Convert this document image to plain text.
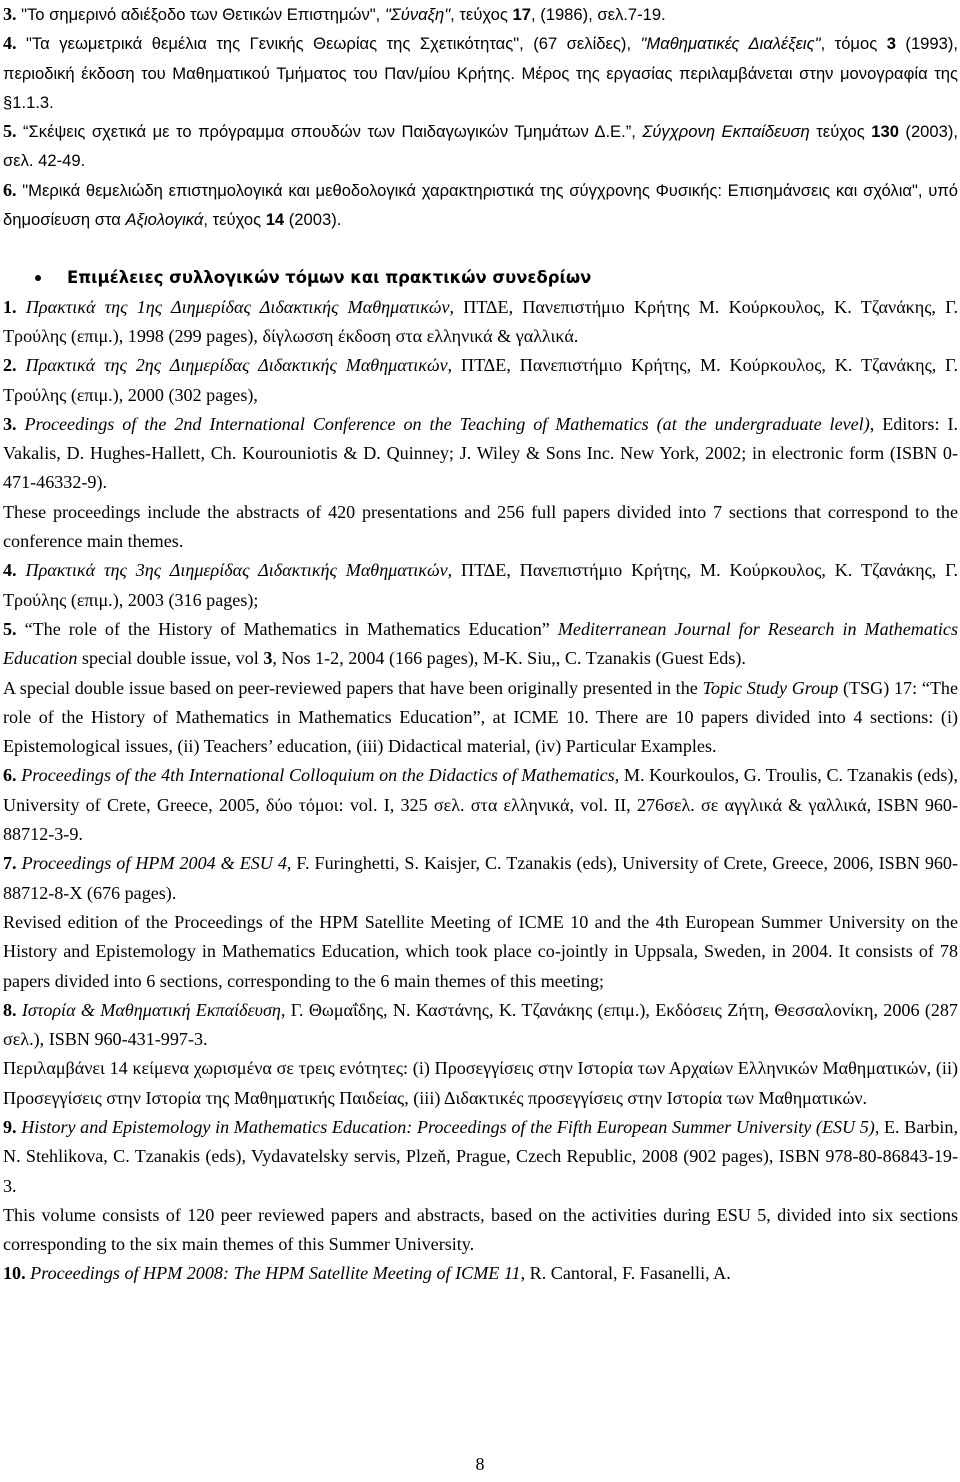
3. "Το σημερινό αδιέξοδο των Θετικών Επιστημών", "Σύναξη", τεύχος 17, (1986), σελ.7-19.

4. "Τα γεωμετρικά θεμέλια της Γενικής Θεωρίας της Σχετικότητας", (67 σελίδες), "Μαθηματικές Διαλέξεις", τόμος 3 (1993), περιοδική έκδοση του Μαθηματικού Τμήματος του Παν/μίου Κρήτης. Μέρος της εργασίας περιλαμβάνεται στην μονογραφία της §1.1.3.

5. “Σκέψεις σχετικά με το πρόγραμμα σπουδών των Παιδαγωγικών Τμημάτων Δ.Ε.”, Σύγχρονη Εκπαίδευση τεύχος 130 (2003), σελ. 42-49.

6. "Μερικά θεμελιώδη επιστημολογικά και μεθοδολογικά χαρακτηριστικά της σύγχρονης Φυσικής: Επισημάνσεις και σχόλια", υπό δημοσίευση στα Αξιολογικά, τεύχος 14 (2003).

Επιμέλειες συλλογικών τόμων και πρακτικών συνεδρίων

1. Πρακτικά της 1ης Διημερίδας Διδακτικής Μαθηματικών, ΠΤΔΕ, Πανεπιστήμιο Κρήτης Μ. Κούρκουλος, Κ. Τζανάκης, Γ. Τρούλης (επιμ.), 1998 (299 pages), δίγλωσση έκδοση στα ελληνικά & γαλλικά.

2. Πρακτικά της 2ης Διημερίδας Διδακτικής Μαθηματικών, ΠΤΔΕ, Πανεπιστήμιο Κρήτης, Μ. Κούρκουλος, Κ. Τζανάκης, Γ. Τρούλης (επιμ.), 2000 (302 pages),

3. Proceedings of the 2nd International Conference on the Teaching of Mathematics (at the undergraduate level), Editors: I. Vakalis, D. Hughes-Hallett, Ch. Kourouniotis & D. Quinney; J. Wiley & Sons Inc. New York, 2002; in electronic form (ISBN 0-471-46332-9).

These proceedings include the abstracts of 420 presentations and 256 full papers divided into 7 sections that correspond to the conference main themes.

4. Πρακτικά της 3ης Διημερίδας Διδακτικής Μαθηματικών, ΠΤΔΕ, Πανεπιστήμιο Κρήτης, Μ. Κούρκουλος, Κ. Τζανάκης, Γ. Τρούλης (επιμ.), 2003 (316 pages);

5. “The role of the History of Mathematics in Mathematics Education” Mediterranean Journal for Research in Mathematics Education special double issue, vol 3, Nos 1-2, 2004 (166 pages), M-K. Siu,, C. Tzanakis (Guest Eds).

A special double issue based on peer-reviewed papers that have been originally presented in the Topic Study Group (TSG) 17: “The role of the History of Mathematics in Mathematics Education”, at ICME 10. There are 10 papers divided into 4 sections: (i) Epistemological issues, (ii) Teachers’ education, (iii) Didactical material, (iv) Particular Examples.

6. Proceedings of the 4th International Colloquium on the Didactics of Mathematics, M. Kourkoulos, G. Troulis, C. Tzanakis (eds), University of Crete, Greece, 2005, δύο τόμοι: vol. I, 325 σελ. στα ελληνικά, vol. II, 276σελ. σε αγγλικά & γαλλικά, ISBN 960-88712-3-9.

7. Proceedings of HPM 2004 & ESU 4, F. Furinghetti, S. Kaisjer, C. Tzanakis (eds), University of Crete, Greece, 2006, ISBN 960-88712-8-X (676 pages).

Revised edition of the Proceedings of the HPM Satellite Meeting of ICME 10 and the 4th European Summer University on the History and Epistemology in Mathematics Education, which took place co-jointly in Uppsala, Sweden, in 2004. It consists of 78 papers divided into 6 sections, corresponding to the 6 main themes of this meeting;

8. Ιστορία & Μαθηματική Εκπαίδευση, Γ. Θωμαΐδης, Ν. Καστάνης, Κ. Τζανάκης (επιμ.), Εκδόσεις Ζήτη, Θεσσαλονίκη, 2006 (287 σελ.), ISBN 960-431-997-3.

Περιλαμβάνει 14 κείμενα χωρισμένα σε τρεις ενότητες: (i) Προσεγγίσεις στην Ιστορία των Αρχαίων Ελληνικών Μαθηματικών, (ii) Προσεγγίσεις στην Ιστορία της Μαθηματικής Παιδείας, (iii) Διδακτικές προσεγγίσεις στην Ιστορία των Μαθηματικών.

9. History and Epistemology in Mathematics Education: Proceedings of the Fifth European Summer University (ESU 5), E. Barbin, N. Stehlikova, C. Tzanakis (eds), Vydavatelsky servis, Plzeň, Prague, Czech Republic, 2008 (902 pages), ISBN 978-80-86843-19-3.

This volume consists of 120 peer reviewed papers and abstracts, based on the activities during ESU 5, divided into six sections corresponding to the six main themes of this Summer University.

10. Proceedings of HPM 2008: The HPM Satellite Meeting of ICME 11, R. Cantoral, F. Fasanelli, A.

8
